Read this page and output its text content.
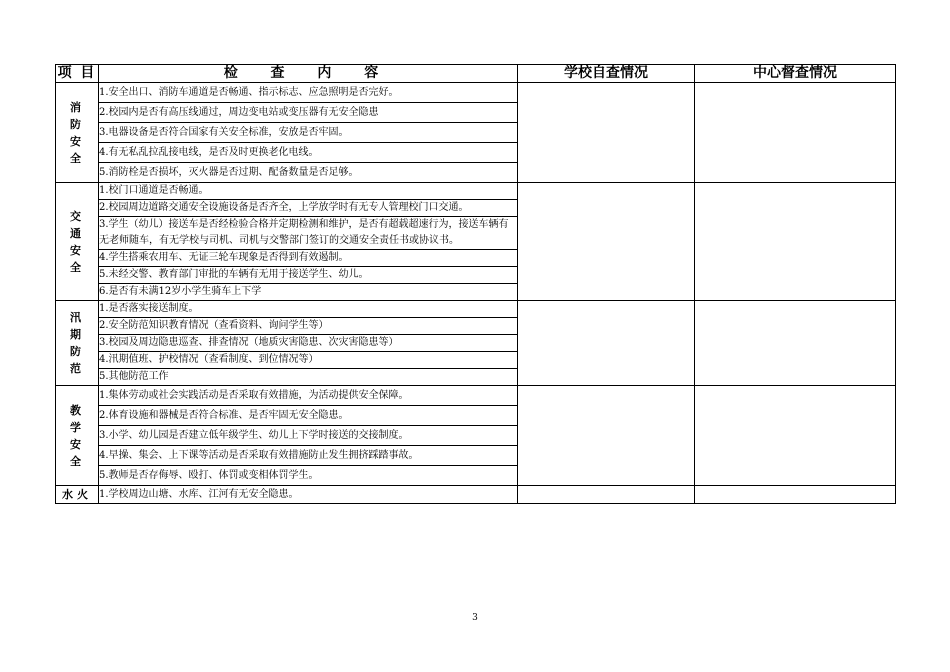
项 目	检 查 内 容	学校自查情况	中心督查情况

消防安全	1.安全出口、消防车通道是否畅通、指示标志、应急照明是否完好。		
	2.校园内是否有高压线通过，周边变电站或变压器有无安全隐患		
	3.电器设备是否符合国家有关安全标准，安放是否牢固。		
	4.有无私乱拉乱接电线，是否及时更换老化电线。		
	5.消防栓是否损坏，灭火器是否过期、配备数量是否足够。		

交通安全	1.校门口通道是否畅通。		
	2.校园周边道路交通安全设施设备是否齐全，上学放学时有无专人管理校门口交通。		
	3.学生（幼儿）接送车是否经检验合格并定期检测和维护，是否有超载超速行为，接送车辆有无老师随车，有无学校与司机、司机与交警部门签订的交通安全责任书或协议书。		
	4.学生搭乘农用车、无证三轮车现象是否得到有效遏制。		
	5.未经交警、教育部门审批的车辆有无用于接送学生、幼儿。		
	6.是否有未满12岁小学生骑车上下学		

汛期防范	1.是否落实接送制度。		
	2.安全防范知识教育情况（查看资料、询问学生等）		
	3.校园及周边隐患巡查、排查情况（地质灾害隐患、次灾害隐患等）		
	4.汛期值班、护校情况（查看制度、到位情况等）		
	5.其他防范工作		

教学安全	1.集体劳动或社会实践活动是否采取有效措施，为活动提供安全保障。		
	2.体育设施和器械是否符合标准、是否牢固无安全隐患。		
	3.小学、幼儿园是否建立低年级学生、幼儿上下学时接送的交接制度。		
	4.早操、集会、上下课等活动是否采取有效措施防止发生拥挤踩踏事故。		
	5.教师是否存侮辱、殴打、体罚或变相体罚学生。		

水火	1.学校周边山塘、水库、江河有无安全隐患。		
3
